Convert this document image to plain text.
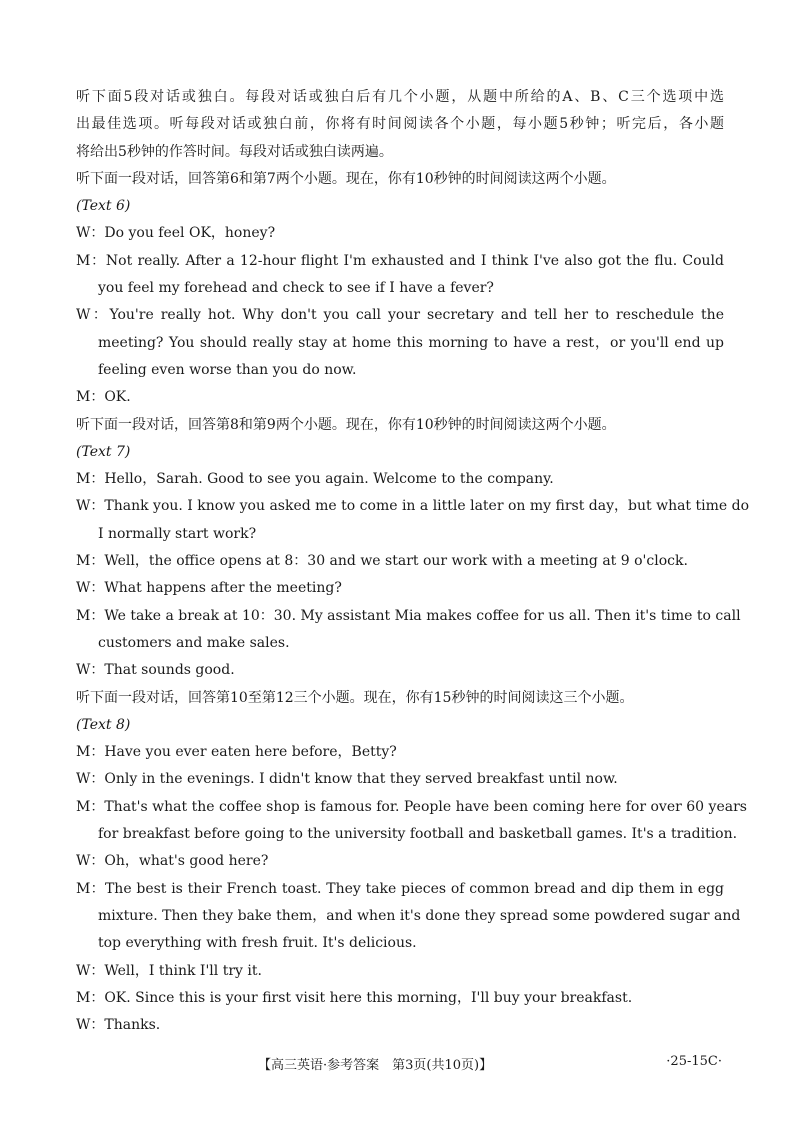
听下面5段对话或独白。每段对话或独白后有几个小题，从题中所给的A、B、C三个选项中选
出最佳选项。听每段对话或独白前，你将有时间阅读各个小题，每小题5秒钟；听完后，各小题
将给出5秒钟的作答时间。每段对话或独白读两遍。
听下面一段对话，回答第6和第7两个小题。现在，你有10秒钟的时间阅读这两个小题。
(Text 6)
W：Do you feel OK，honey?
M：Not really. After a 12-hour flight I'm exhausted and I think I've also got the flu. Could
you feel my forehead and check to see if I have a fever?
W：You're really hot. Why don't you call your secretary and tell her to reschedule the
meeting? You should really stay at home this morning to have a rest，or you'll end up
feeling even worse than you do now.
M：OK.
听下面一段对话，回答第8和第9两个小题。现在，你有10秒钟的时间阅读这两个小题。
(Text 7)
M：Hello，Sarah. Good to see you again. Welcome to the company.
W：Thank you. I know you asked me to come in a little later on my first day，but what time do
I normally start work?
M：Well，the office opens at 8：30 and we start our work with a meeting at 9 o'clock.
W：What happens after the meeting?
M：We take a break at 10：30. My assistant Mia makes coffee for us all. Then it's time to call
customers and make sales.
W：That sounds good.
听下面一段对话，回答第10至第12三个小题。现在，你有15秒钟的时间阅读这三个小题。
(Text 8)
M：Have you ever eaten here before，Betty?
W：Only in the evenings. I didn't know that they served breakfast until now.
M：That's what the coffee shop is famous for. People have been coming here for over 60 years
for breakfast before going to the university football and basketball games. It's a tradition.
W：Oh，what's good here?
M：The best is their French toast. They take pieces of common bread and dip them in egg
mixture. Then they bake them，and when it's done they spread some powdered sugar and
top everything with fresh fruit. It's delicious.
W：Well，I think I'll try it.
M：OK. Since this is your first visit here this morning，I'll buy your breakfast.
W：Thanks.
【高三英语·参考答案　第3页(共10页)】	·25-15C·
